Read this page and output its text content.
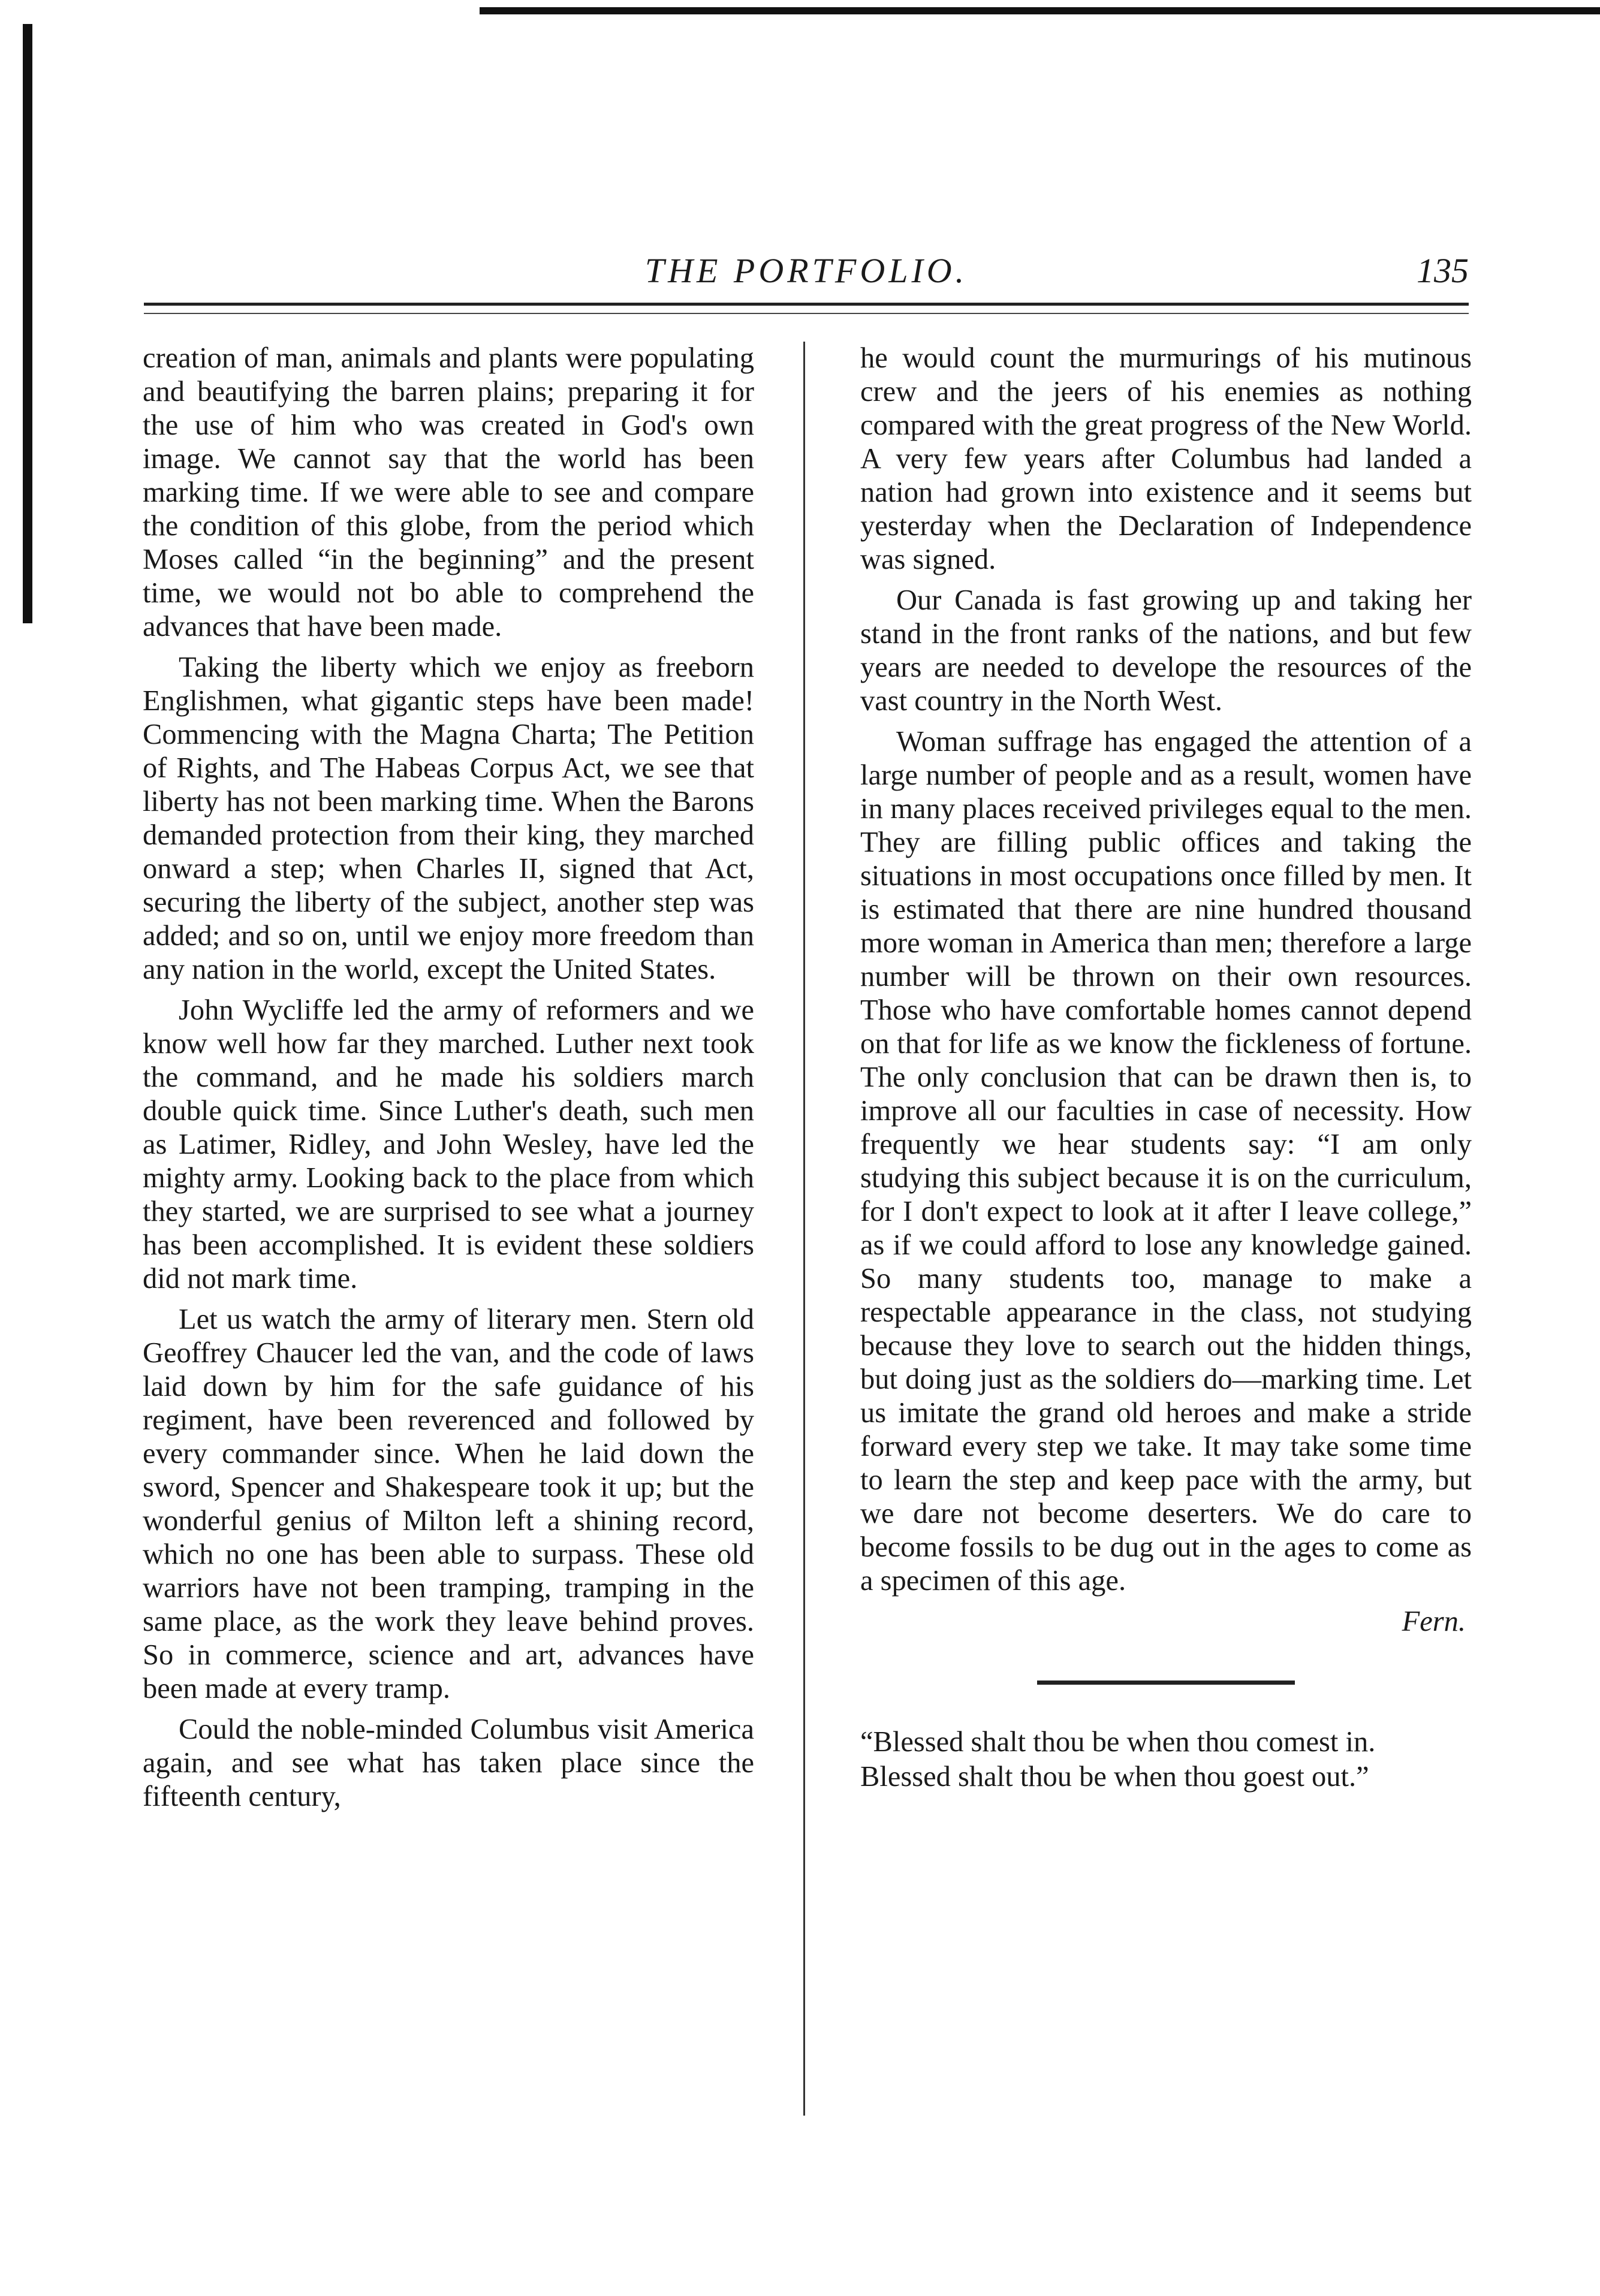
THE PORTFOLIO.	135

creation of man, animals and plants were populating and beautifying the barren plains; preparing it for the use of him who was created in God's own image. We cannot say that the world has been marking time. If we were able to see and compare the condition of this globe, from the period which Moses called “in the beginning” and the present time, we would not bo able to comprehend the advances that have been made.

Taking the liberty which we enjoy as freeborn Englishmen, what gigantic steps have been made! Commencing with the Magna Charta; The Petition of Rights, and The Habeas Corpus Act, we see that liberty has not been marking time. When the Barons demanded protection from their king, they marched onward a step; when Charles II, signed that Act, securing the liberty of the subject, another step was added; and so on, until we enjoy more freedom than any nation in the world, except the United States.

John Wycliffe led the army of reformers and we know well how far they marched. Luther next took the command, and he made his soldiers march double quick time. Since Luther's death, such men as Latimer, Ridley, and John Wesley, have led the mighty army. Looking back to the place from which they started, we are surprised to see what a journey has been accomplished. It is evident these soldiers did not mark time.

Let us watch the army of literary men. Stern old Geoffrey Chaucer led the van, and the code of laws laid down by him for the safe guidance of his regiment, have been reverenced and followed by every commander since. When he laid down the sword, Spencer and Shakespeare took it up; but the wonderful genius of Milton left a shining record, which no one has been able to surpass. These old warriors have not been tramping, tramping in the same place, as the work they leave behind proves. So in commerce, science and art, advances have been made at every tramp.

Could the noble-minded Columbus visit America again, and see what has taken place since the fifteenth century,

he would count the murmurings of his mutinous crew and the jeers of his enemies as nothing compared with the great progress of the New World. A very few years after Columbus had landed a nation had grown into existence and it seems but yesterday when the Declaration of Independence was signed.

Our Canada is fast growing up and taking her stand in the front ranks of the nations, and but few years are needed to develope the resources of the vast country in the North West.

Woman suffrage has engaged the attention of a large number of people and as a result, women have in many places received privileges equal to the men. They are filling public offices and taking the situations in most occupations once filled by men. It is estimated that there are nine hundred thousand more woman in America than men; therefore a large number will be thrown on their own resources. Those who have comfortable homes cannot depend on that for life as we know the fickleness of fortune. The only conclusion that can be drawn then is, to improve all our faculties in case of necessity. How frequently we hear students say: “I am only studying this subject because it is on the curriculum, for I don't expect to look at it after I leave college,” as if we could afford to lose any knowledge gained. So many students too, manage to make a respectable appearance in the class, not studying because they love to search out the hidden things, but doing just as the soldiers do—marking time. Let us imitate the grand old heroes and make a stride forward every step we take. It may take some time to learn the step and keep pace with the army, but we dare not become deserters. We do care to become fossils to be dug out in the ages to come as a specimen of this age.

Fern.

“Blessed shalt thou be when thou comest in.

Blessed shalt thou be when thou goest out.”
